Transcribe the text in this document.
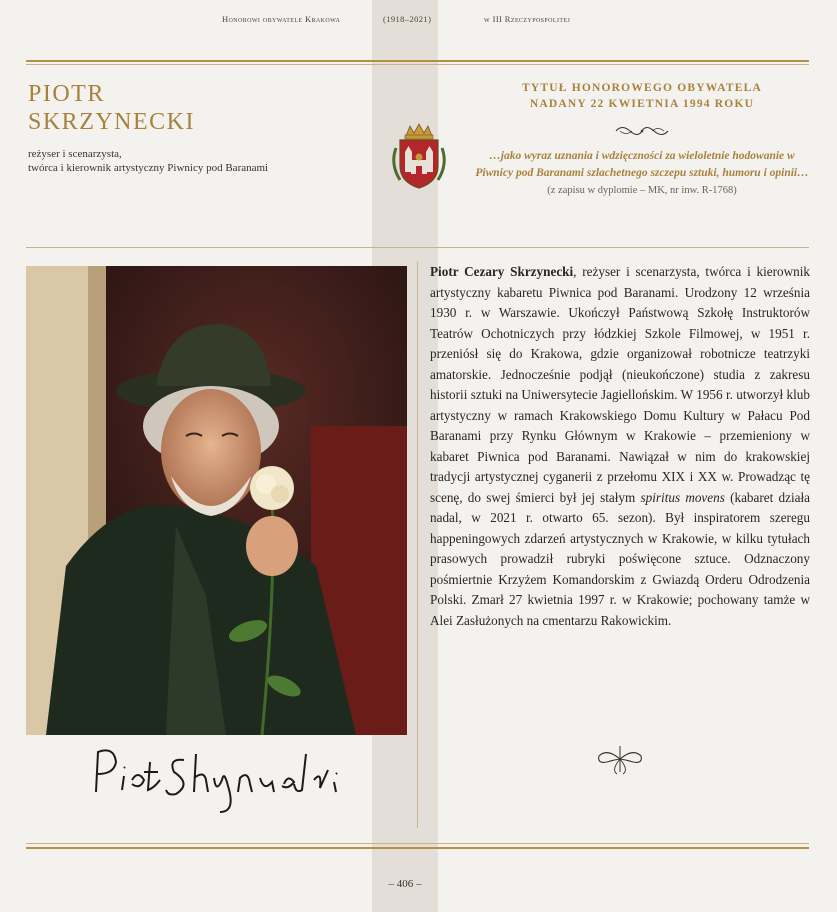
Honorowi obywatele Krakowa	(1918–2021)	w III Rzeczypospolitej
PIOTR
SKRZYNECKI
reżyser i scenarzysta,
twórca i kierownik artystyczny Piwnicy pod Baranami
TYTUŁ HONOROWEGO OBYWATELA
NADANY 22 KWIETNIA 1994 ROKU
…jako wyraz uznania i wdzięczności za wieloletnie hodowanie w Piwnicy pod Baranami szlachetnego szczepu sztuki, humoru i opinii…
(z zapisu w dyplomie – MK, nr inw. R-1768)

Piotr Cezary Skrzynecki, reżyser i scenarzysta, twórca i kierownik artystyczny kabaretu Piwnica pod Baranami. Urodzony 12 września 1930 r. w Warszawie. Ukończył Państwową Szkołę Instruktorów Teatrów Ochotniczych przy łódzkiej Szkole Filmowej, w 1951 r. przeniósł się do Krakowa, gdzie organizował robotnicze teatrzyki amatorskie. Jednocześnie podjął (nieukończone) studia z zakresu historii sztuki na Uniwersytecie Jagiellońskim. W 1956 r. utworzył klub artystyczny w ramach Krakowskiego Domu Kultury w Pałacu Pod Baranami przy Rynku Głównym w Krakowie – przemieniony w kabaret Piwnica pod Baranami. Nawiązał w nim do krakowskiej tradycji artystycznej cyganerii z przełomu XIX i XX w. Prowadząc tę scenę, do swej śmierci był jej stałym spiritus movens (kabaret działa nadal, w 2021 r. otwarto 65. sezon). Był inspiratorem szeregu happeningowych zdarzeń artystycznych w Krakowie, w kilku tytułach prasowych prowadził rubryki poświęcone sztuce. Odznaczony pośmiertnie Krzyżem Komandorskim z Gwiazdą Orderu Odrodzenia Polski. Zmarł 27 kwietnia 1997 r. w Krakowie; pochowany tamże w Alei Zasłużonych na cmentarzu Rakowickim.

– 406 –
